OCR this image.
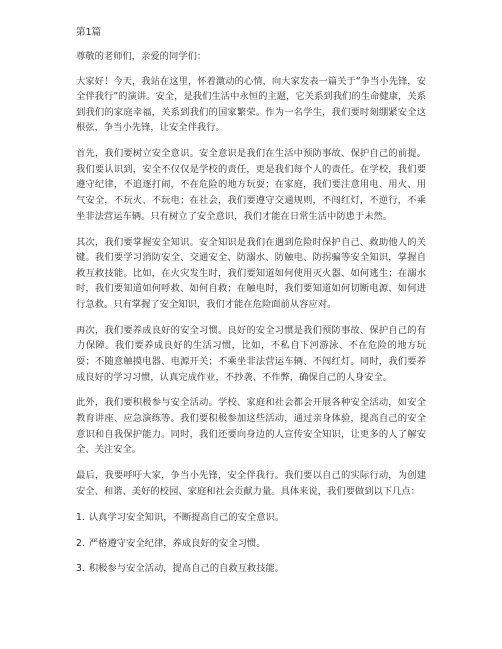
第1篇

尊敬的老师们，亲爱的同学们：

大家好！今天，我站在这里，怀着激动的心情，向大家发表一篇关于“争当小先锋，安全伴我行”的演讲。安全，是我们生活中永恒的主题，它关系到我们的生命健康，关系到我们的家庭幸福，关系到我们的国家繁荣。作为一名学生，我们要时刻绷紧安全这根弦，争当小先锋，让安全伴我行。

首先，我们要树立安全意识。安全意识是我们在生活中预防事故、保护自己的前提。我们要认识到，安全不仅仅是学校的责任，更是我们每个人的责任。在学校，我们要遵守纪律，不追逐打闹，不在危险的地方玩耍；在家庭，我们要注意用电、用火、用气安全，不玩火、不玩电；在社会，我们要遵守交通规则，不闯红灯，不逆行，不乘坐非法营运车辆。只有树立了安全意识，我们才能在日常生活中防患于未然。

其次，我们要掌握安全知识。安全知识是我们在遇到危险时保护自己、救助他人的关键。我们要学习消防安全、交通安全、防溺水、防触电、防拐骗等安全知识，掌握自救互救技能。比如，在火灾发生时，我们要知道如何使用灭火器、如何逃生；在溺水时，我们要知道如何呼救、如何自救；在触电时，我们要知道如何切断电源、如何进行急救。只有掌握了安全知识，我们才能在危险面前从容应对。

再次，我们要养成良好的安全习惯。良好的安全习惯是我们预防事故、保护自己的有力保障。我们要养成良好的生活习惯，比如，不私自下河游泳、不在危险的地方玩耍；不随意触摸电器、电源开关；不乘坐非法营运车辆、不闯红灯。同时，我们要养成良好的学习习惯，认真完成作业，不抄袭、不作弊，确保自己的人身安全。

此外，我们要积极参与安全活动。学校、家庭和社会都会开展各种安全活动，如安全教育讲座、应急演练等。我们要积极参加这些活动，通过亲身体验，提高自己的安全意识和自我保护能力。同时，我们还要向身边的人宣传安全知识，让更多的人了解安全、关注安全。

最后，我要呼吁大家，争当小先锋，安全伴我行。我们要以自己的实际行动，为创建安全、和谐、美好的校园、家庭和社会贡献力量。具体来说，我们要做到以下几点：

1. 认真学习安全知识，不断提高自己的安全意识。
2. 严格遵守安全纪律，养成良好的安全习惯。
3. 积极参与安全活动，提高自己的自救互救技能。
